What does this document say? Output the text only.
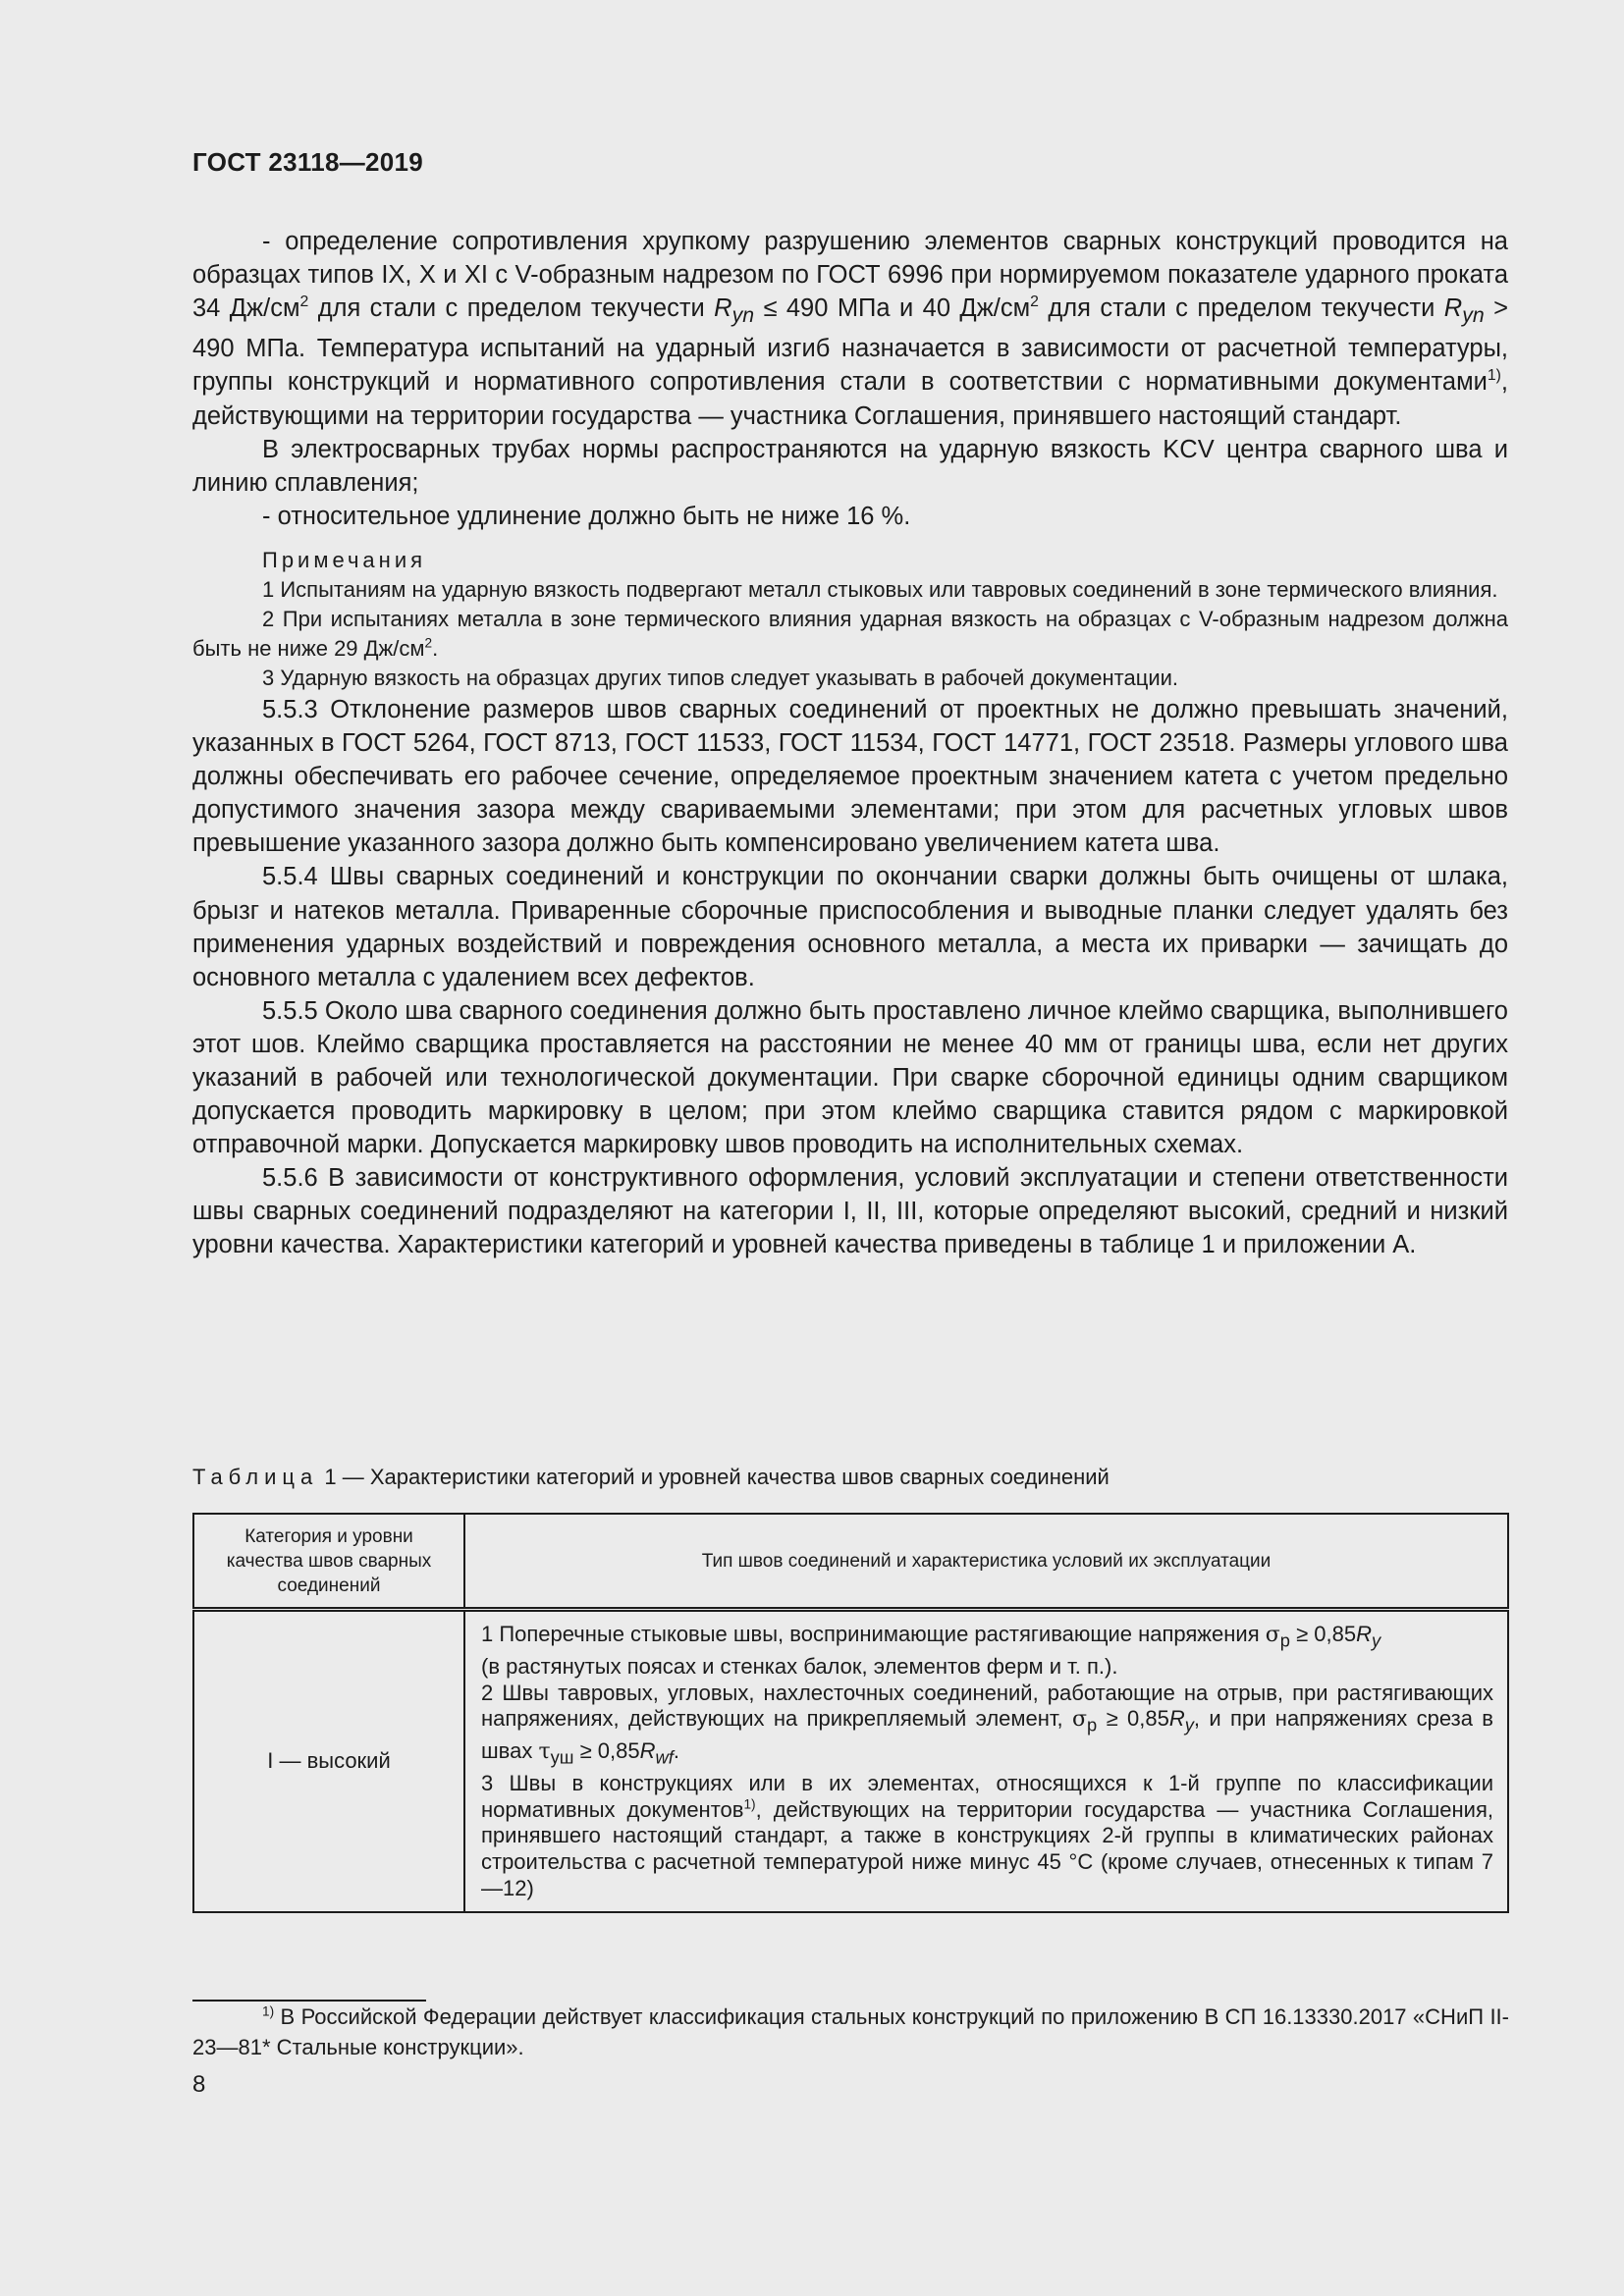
ГОСТ 23118—2019

- определение сопротивления хрупкому разрушению элементов сварных конструкций проводится на образцах типов IX, X и XI с V-образным надрезом по ГОСТ 6996 при нормируемом показателе ударного проката 34 $Дж/см^2$ для стали с пределом текучести $R_{yn} \le 490$ МПа и 40 $Дж/см^2$ для стали с пределом текучести $R_{yn} > 490$ МПа. Температура испытаний на ударный изгиб назначается в зависимости от расчетной температуры, группы конструкций и нормативного сопротивления стали в соответствии с нормативными документами$^{1)}$, действующими на территории государства — участника Соглашения, принявшего настоящий стандарт.

В электросварных трубах нормы распространяются на ударную вязкость KCV центра сварного шва и линию сплавления;

- относительное удлинение должно быть не ниже 16 %.

Примечания

1 Испытаниям на ударную вязкость подвергают металл стыковых или тавровых соединений в зоне термического влияния.

2 При испытаниях металла в зоне термического влияния ударная вязкость на образцах с V-образным надрезом должна быть не ниже 29 $Дж/см^2$.

3 Ударную вязкость на образцах других типов следует указывать в рабочей документации.

5.5.3 Отклонение размеров швов сварных соединений от проектных не должно превышать значений, указанных в ГОСТ 5264, ГОСТ 8713, ГОСТ 11533, ГОСТ 11534, ГОСТ 14771, ГОСТ 23518. Размеры углового шва должны обеспечивать его рабочее сечение, определяемое проектным значением катета с учетом предельно допустимого значения зазора между свариваемыми элементами; при этом для расчетных угловых швов превышение указанного зазора должно быть компенсировано увеличением катета шва.

5.5.4 Швы сварных соединений и конструкции по окончании сварки должны быть очищены от шлака, брызг и натеков металла. Приваренные сборочные приспособления и выводные планки следует удалять без применения ударных воздействий и повреждения основного металла, а места их приварки — зачищать до основного металла с удалением всех дефектов.

5.5.5 Около шва сварного соединения должно быть проставлено личное клеймо сварщика, выполнившего этот шов. Клеймо сварщика проставляется на расстоянии не менее 40 мм от границы шва, если нет других указаний в рабочей или технологической документации. При сварке сборочной единицы одним сварщиком допускается проводить маркировку в целом; при этом клеймо сварщика ставится рядом с маркировкой отправочной марки. Допускается маркировку швов проводить на исполнительных схемах.

5.5.6 В зависимости от конструктивного оформления, условий эксплуатации и степени ответственности швы сварных соединений подразделяют на категории I, II, III, которые определяют высокий, средний и низкий уровни качества. Характеристики категорий и уровней качества приведены в таблице 1 и приложении А.

Таблица 1 — Характеристики категорий и уровней качества швов сварных соединений
Категория и уровни качества швов сварных соединений	Тип швов соединений и характеристика условий их эксплуатации
I — высокий	1 Поперечные стыковые швы, воспринимающие растягивающие напряжения $\sigma_р \ge 0,85R_y$
(в растянутых поясах и стенках балок, элементов ферм и т. п.).
2 Швы тавровых, угловых, нахлесточных соединений, работающие на отрыв, при растягивающих напряжениях, действующих на прикрепляемый элемент, $\sigma_р \ge 0,85R_y$, и при напряжениях среза в швах $\tau_{уш} \ge 0,85R_{wf}$.
3 Швы в конструкциях или в их элементах, относящихся к 1-й группе по классификации нормативных документов$^{1)}$, действующих на территории государства — участника Соглашения, принявшего настоящий стандарт, а также в конструкциях 2-й группы в климатических районах строительства с расчетной температурой ниже минус 45 °С (кроме случаев, отнесенных к типам 7—12)
$^{1)}$ В Российской Федерации действует классификация стальных конструкций по приложению В СП 16.13330.2017 «СНиП II-23—81* Стальные конструкции».
8
